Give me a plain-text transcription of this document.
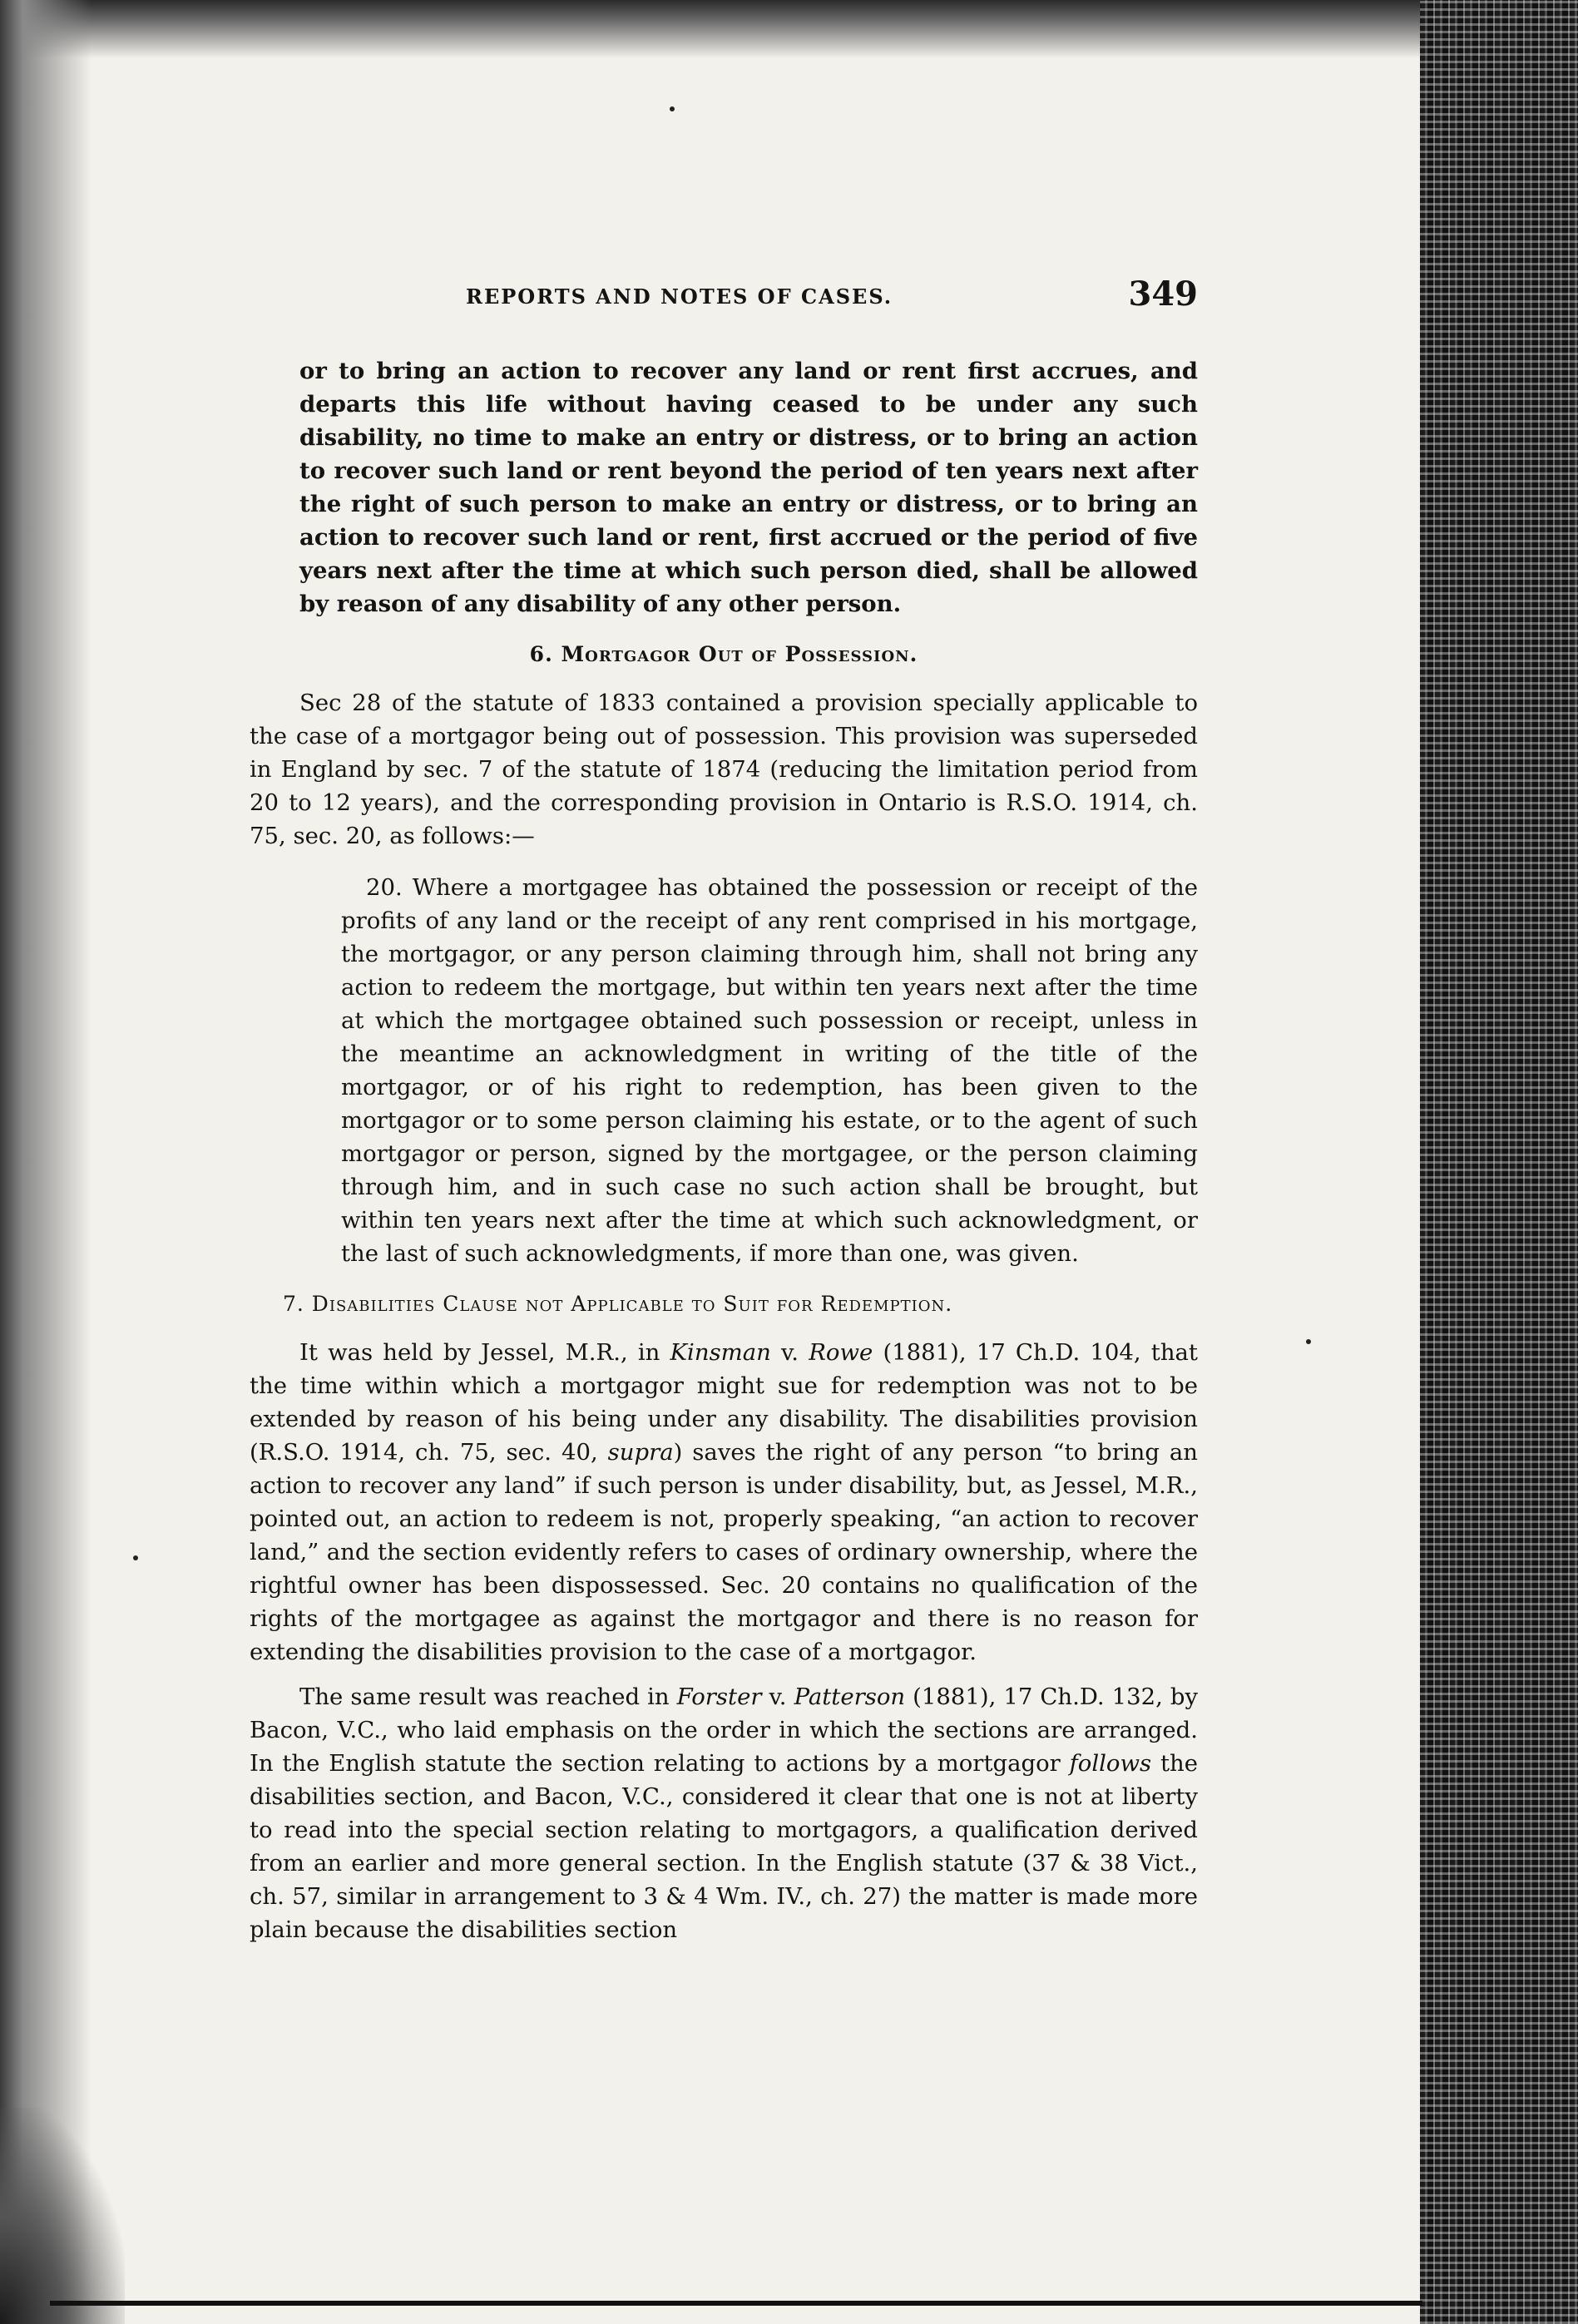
REPORTS AND NOTES OF CASES.	349

or to bring an action to recover any land or rent first accrues, and departs this life without having ceased to be under any such disability, no time to make an entry or distress, or to bring an action to recover such land or rent beyond the period of ten years next after the right of such person to make an entry or distress, or to bring an action to recover such land or rent, first accrued or the period of five years next after the time at which such person died, shall be allowed by reason of any disability of any other person.

6. Mortgagor Out of Possession.

Sec 28 of the statute of 1833 contained a provision specially applicable to the case of a mortgagor being out of possession. This provision was superseded in England by sec. 7 of the statute of 1874 (reducing the limitation period from 20 to 12 years), and the corresponding provision in Ontario is R.S.O. 1914, ch. 75, sec. 20, as follows:—

20. Where a mortgagee has obtained the possession or receipt of the profits of any land or the receipt of any rent comprised in his mortgage, the mortgagor, or any person claiming through him, shall not bring any action to redeem the mortgage, but within ten years next after the time at which the mortgagee obtained such possession or receipt, unless in the meantime an acknowledgment in writing of the title of the mortgagor, or of his right to redemption, has been given to the mortgagor or to some person claiming his estate, or to the agent of such mortgagor or person, signed by the mortgagee, or the person claiming through him, and in such case no such action shall be brought, but within ten years next after the time at which such acknowledgment, or the last of such acknowledgments, if more than one, was given.

7. Disabilities Clause not Applicable to Suit for Redemption.

It was held by Jessel, M.R., in Kinsman v. Rowe (1881), 17 Ch.D. 104, that the time within which a mortgagor might sue for redemption was not to be extended by reason of his being under any disability. The disabilities provision (R.S.O. 1914, ch. 75, sec. 40, supra) saves the right of any person “to bring an action to recover any land” if such person is under disability, but, as Jessel, M.R., pointed out, an action to redeem is not, properly speaking, “an action to recover land,” and the section evidently refers to cases of ordinary ownership, where the rightful owner has been dispossessed. Sec. 20 contains no qualification of the rights of the mortgagee as against the mortgagor and there is no reason for extending the disabilities provision to the case of a mortgagor.

The same result was reached in Forster v. Patterson (1881), 17 Ch.D. 132, by Bacon, V.C., who laid emphasis on the order in which the sections are arranged. In the English statute the section relating to actions by a mortgagor follows the disabilities section, and Bacon, V.C., considered it clear that one is not at liberty to read into the special section relating to mortgagors, a qualification derived from an earlier and more general section. In the English statute (37 & 38 Vict., ch. 57, similar in arrangement to 3 & 4 Wm. IV., ch. 27) the matter is made more plain because the disabilities section
